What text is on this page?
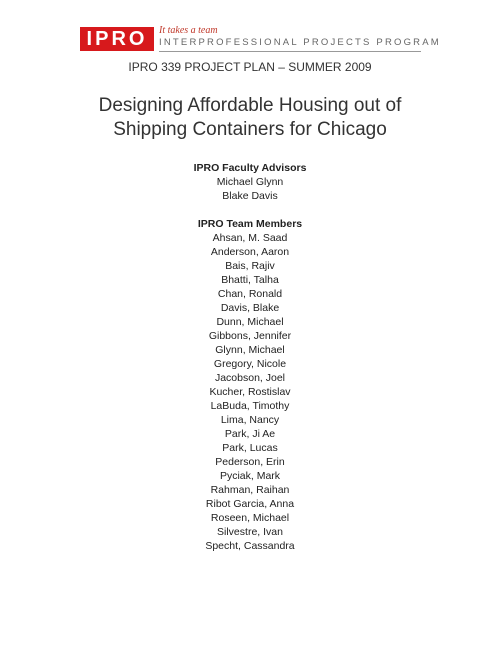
IPRO	It takes a team
INTERPROFESSIONAL PROJECTS PROGRAM
IPRO 339 PROJECT PLAN – SUMMER 2009
Designing Affordable Housing out of
Shipping Containers for Chicago
IPRO Faculty Advisors
Michael Glynn
Blake Davis
IPRO Team Members
Ahsan, M. Saad
Anderson, Aaron
Bais, Rajiv
Bhatti, Talha
Chan, Ronald
Davis, Blake
Dunn, Michael
Gibbons, Jennifer
Glynn, Michael
Gregory, Nicole
Jacobson, Joel
Kucher, Rostislav
LaBuda, Timothy
Lima, Nancy
Park, Ji Ae
Park, Lucas
Pederson, Erin
Pyciak, Mark
Rahman, Raihan
Ribot Garcia, Anna
Roseen, Michael
Silvestre, Ivan
Specht, Cassandra
